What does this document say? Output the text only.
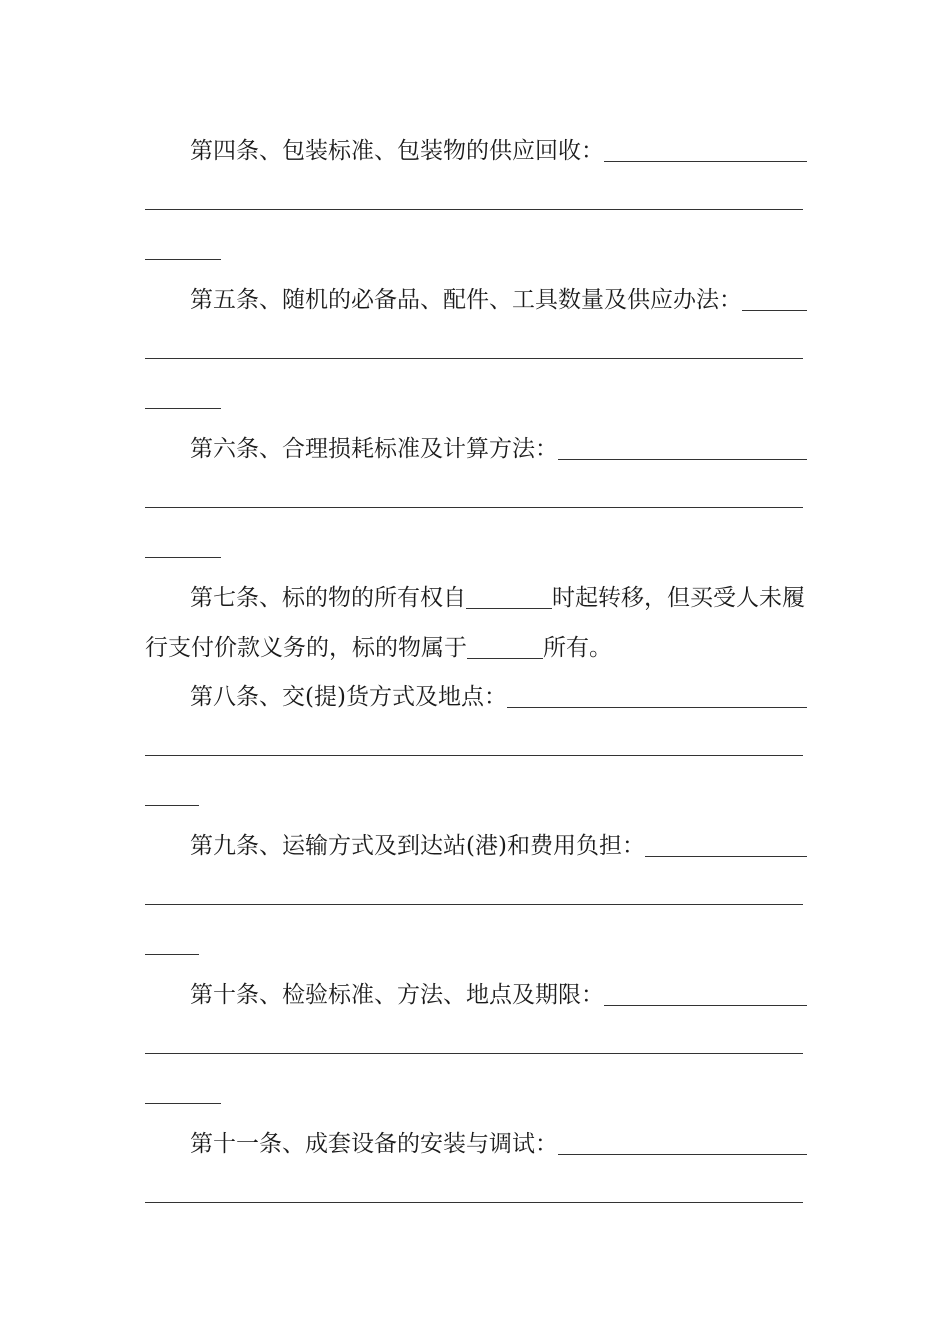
第四条、包装标准、包装物的供应回收：
第五条、随机的必备品、配件、工具数量及供应办法：
第六条、合理损耗标准及计算方法：
第七条、标的物的所有权自	时起转移，但买受人未履
行支付价款义务的，标的物属于	所有。
第八条、交(提)货方式及地点：
第九条、运输方式及到达站(港)和费用负担：
第十条、检验标准、方法、地点及期限：
第十一条、成套设备的安装与调试：
